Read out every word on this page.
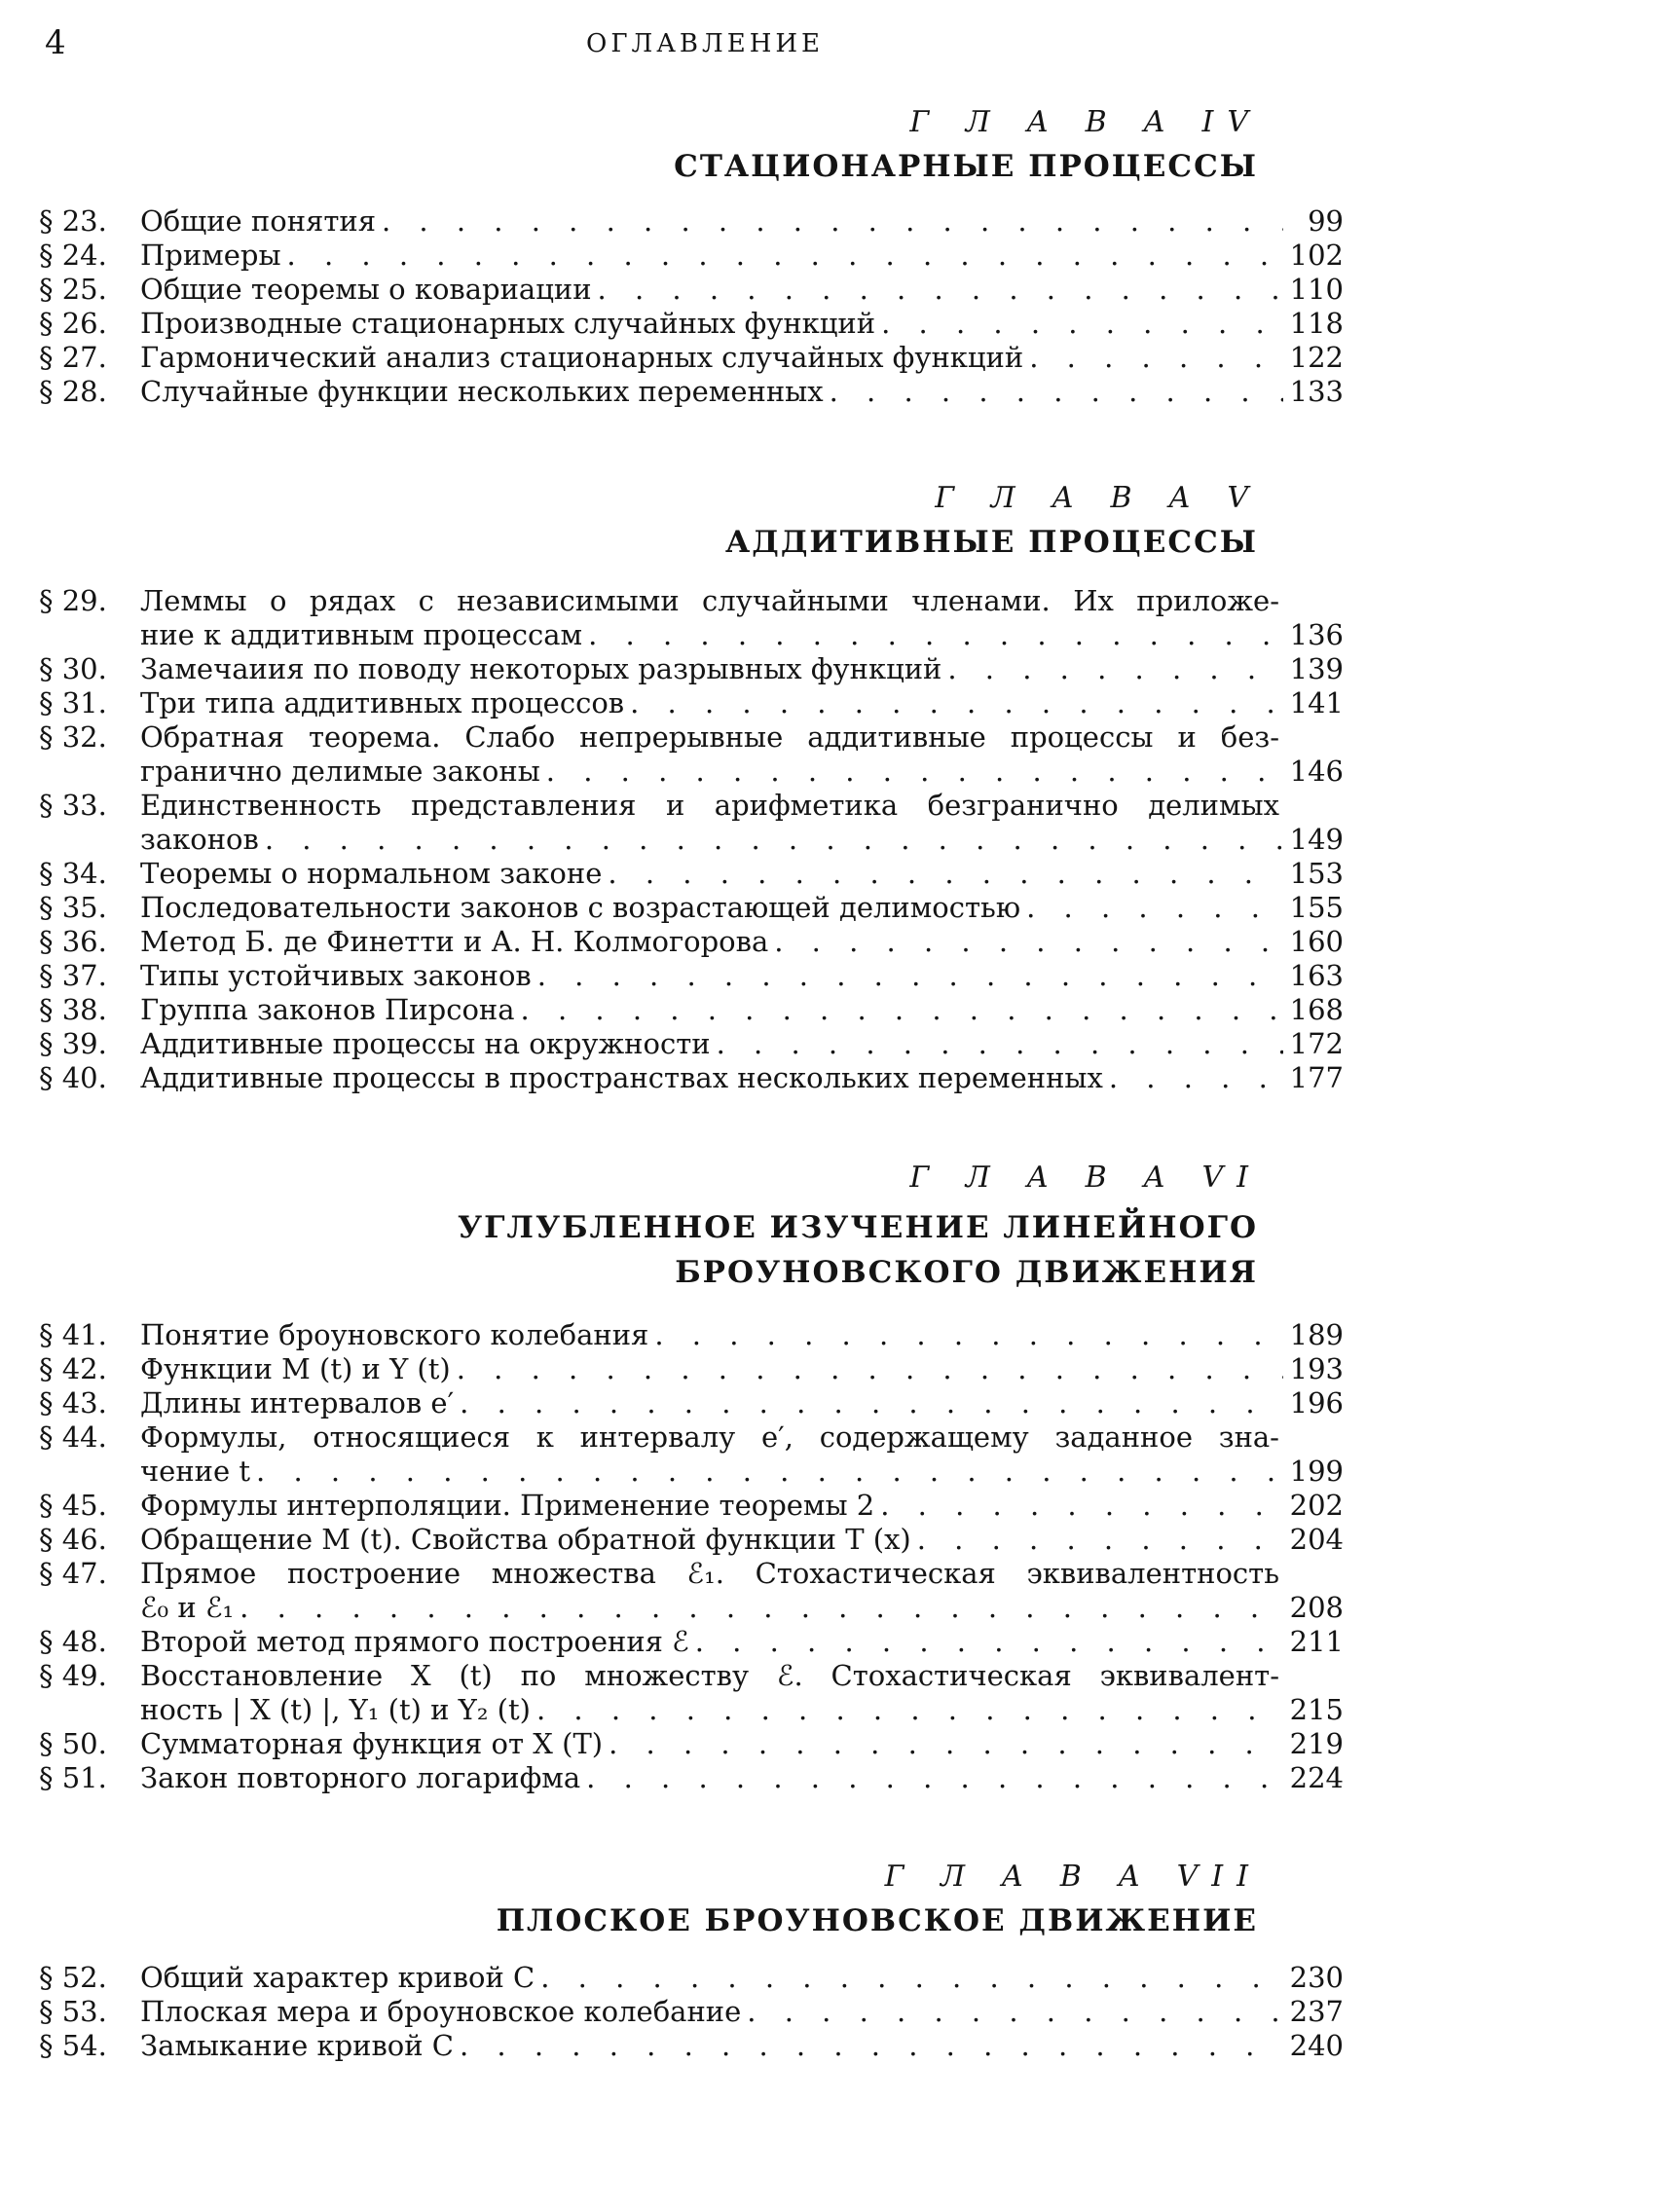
4	ОГЛАВЛЕНИЕ
Г Л А В А IV
СТАЦИОНАРНЫЕ ПРОЦЕССЫ
§ 23.	Общие понятия . . .	99
§ 24.	Примеры . . .	102
§ 25.	Общие теоремы о ковариации . . .	110
§ 26.	Производные стационарных случайных функций . . .	118
§ 27.	Гармонический анализ стационарных случайных функций . . .	122
§ 28.	Случайные функции нескольких переменных . . .	133
Г Л А В А V
АДДИТИВНЫЕ ПРОЦЕССЫ
§ 29.	Леммы о рядах с независимыми случайными членами. Их приложе-
ние к аддитивным процессам . . .	136
§ 30.	Замечаиия по поводу некоторых разрывных функций . . .	139
§ 31.	Три типа аддитивных процессов . . .	141
§ 32.	Обратная теорема. Слабо непрерывные аддитивные процессы и без-
гранично делимые законы . . .	146
§ 33.	Единственность представления и арифметика безгранично делимых
законов . . .	149
§ 34.	Теоремы о нормальном законе . . .	153
§ 35.	Последовательности законов с возрастающей делимостью . . .	155
§ 36.	Метод Б. де Финетти и А. Н. Колмогорова . . .	160
§ 37.	Типы устойчивых законов . . .	163
§ 38.	Группа законов Пирсона . . .	168
§ 39.	Аддитивные процессы на окружности . . .	172
§ 40.	Аддитивные процессы в пространствах нескольких переменных . . .	177
Г Л А В А VI
УГЛУБЛЕННОЕ ИЗУЧЕНИЕ ЛИНЕЙНОГО
БРОУНОВСКОГО ДВИЖЕНИЯ
§ 41.	Понятие броуновского колебания . . .	189
§ 42.	Функции M (t) и Y (t) . . .	193
§ 43.	Длины интервалов e′ . . .	196
§ 44.	Формулы, относящиеся к интервалу e′, содержащему заданное зна-
чение t . . .	199
§ 45.	Формулы интерполяции. Применение теоремы 2 . . .	202
§ 46.	Обращение M (t). Свойства обратной функции T (x) . . .	204
§ 47.	Прямое построение множества ℰ₁. Стохастическая эквивалентность
ℰ₀ и ℰ₁ . . .	208
§ 48.	Второй метод прямого построения ℰ . . .	211
§ 49.	Восстановление X (t) по множеству ℰ. Стохастическая эквивалент-
ность | X (t) |, Y₁ (t) и Y₂ (t) . . .	215
§ 50.	Сумматорная функция от X (T) . . .	219
§ 51.	Закон повторного логарифма . . .	224
Г Л А В А VII
ПЛОСКОЕ БРОУНОВСКОЕ ДВИЖЕНИЕ
§ 52.	Общий характер кривой C . . .	230
§ 53.	Плоская мера и броуновское колебание . . .	237
§ 54.	Замыкание кривой C . . .	240
